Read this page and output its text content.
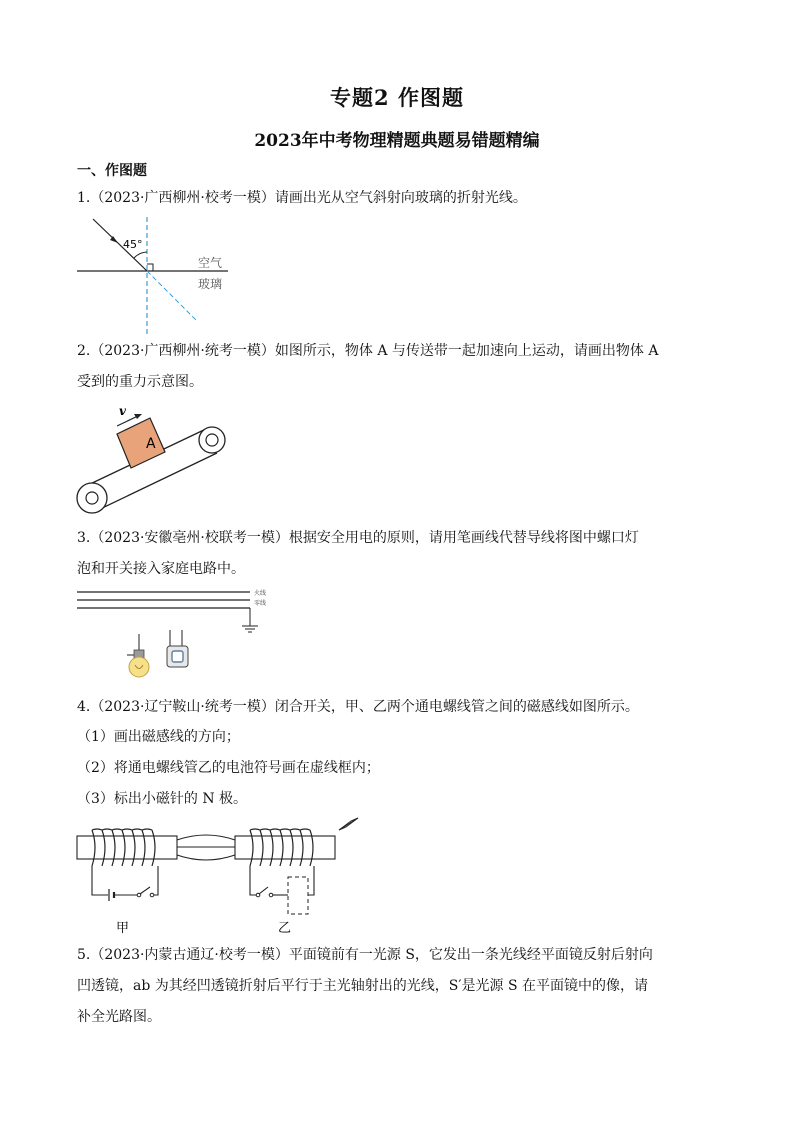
专题2 作图题
2023年中考物理精题典题易错题精编
一、作图题
1.（2023·广西柳州·校考一模）请画出光从空气斜射向玻璃的折射光线。
45°
空气
玻璃
2.（2023·广西柳州·统考一模）如图所示，物体 A 与传送带一起加速向上运动，请画出物体 A
受到的重力示意图。
A
v
3.（2023·安徽亳州·校联考一模）根据安全用电的原则，请用笔画线代替导线将图中螺口灯
泡和开关接入家庭电路中。
火线
零线
4.（2023·辽宁鞍山·统考一模）闭合开关，甲、乙两个通电螺线管之间的磁感线如图所示。
（1）画出磁感线的方向；
（2）将通电螺线管乙的电池符号画在虚线框内；
（3）标出小磁针的 N 极。
甲	乙
5.（2023·内蒙古通辽·校考一模）平面镜前有一光源 S，它发出一条光线经平面镜反射后射向
凹透镜，ab 为其经凹透镜折射后平行于主光轴射出的光线，S′是光源 S 在平面镜中的像，请
补全光路图。
